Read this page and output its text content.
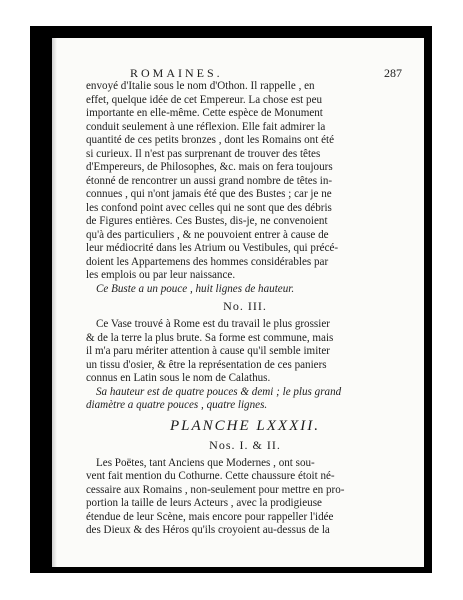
ROMAINES.	287
envoyé d'Italie sous le nom d'Othon. Il rappelle , en
effet, quelque idée de cet Empereur. La chose est peu
importante en elle-même. Cette espèce de Monument
conduit seulement à une réflexion. Elle fait admirer la
quantité de ces petits bronzes , dont les Romains ont été
si curieux. Il n'est pas surprenant de trouver des têtes
d'Empereurs, de Philosophes, &c. mais on fera toujours
étonné de rencontrer un aussi grand nombre de têtes in-
connues , qui n'ont jamais été que des Bustes ; car je ne
les confond point avec celles qui ne sont que des débris
de Figures entières. Ces Bustes, dis-je, ne convenoient
qu'à des particuliers , & ne pouvoient entrer à cause de
leur médiocrité dans les Atrium ou Vestibules, qui précé-
doient les Appartemens des hommes considérables par
les emplois ou par leur naissance.
Ce Buste a un pouce , huit lignes de hauteur.
No. III.
Ce Vase trouvé à Rome est du travail le plus grossier
& de la terre la plus brute. Sa forme est commune, mais
il m'a paru mériter attention à cause qu'il semble imiter
un tissu d'osier, & être la représentation de ces paniers
connus en Latin sous le nom de Calathus.
Sa hauteur est de quatre pouces & demi ; le plus grand
diamètre a quatre pouces , quatre lignes.
PLANCHE LXXXII.
Nos. I. & II.
Les Poëtes, tant Anciens que Modernes , ont sou-
vent fait mention du Cothurne. Cette chaussure étoit né-
cessaire aux Romains , non-seulement pour mettre en pro-
portion la taille de leurs Acteurs , avec la prodigieuse
étendue de leur Scène, mais encore pour rappeller l'idée
des Dieux & des Héros qu'ils croyoient au-dessus de la
